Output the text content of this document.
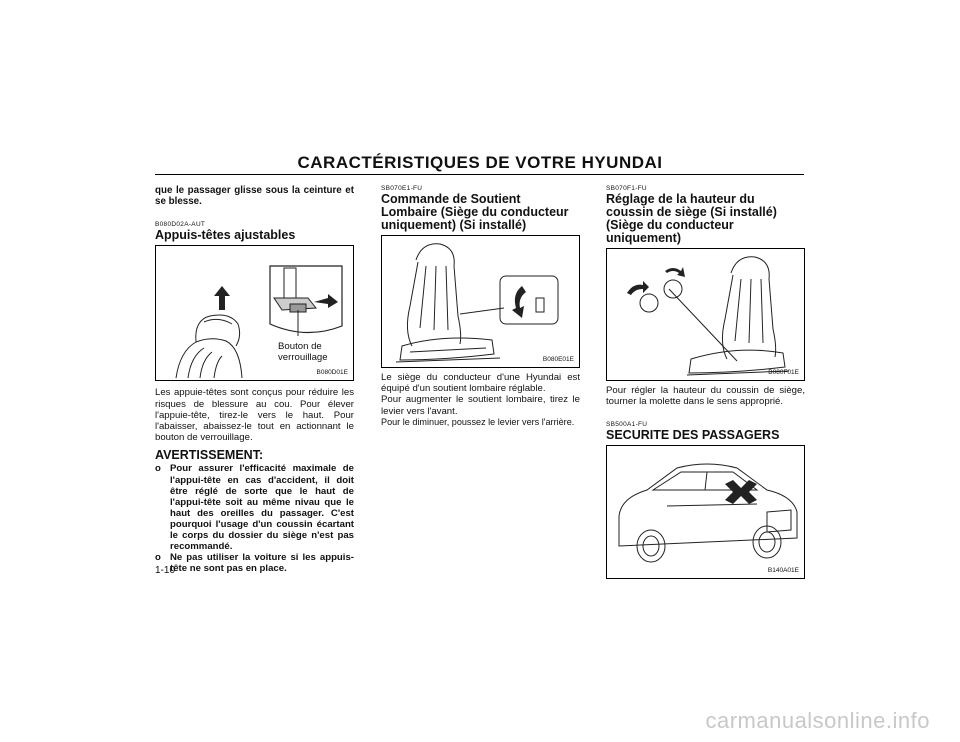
CARACTÉRISTIQUES DE VOTRE HYUNDAI

que le passager glisse sous la ceinture et se blesse.

B080D02A-AUT

Appuis-têtes ajustables

Bouton de verrouillage
B080D01E

Les appuie-têtes sont conçus pour réduire les risques de blessure au cou. Pour élever l'appuie-tête, tirez-le vers le haut. Pour l'abaisser, abaissez-le tout en actionnant le bouton de verrouillage.

AVERTISSEMENT:
o Pour assurer l'efficacité maximale de l'appui-tête en cas d'accident, il doit être réglé de sorte que le haut de l'appui-tête soit au même nivau que le haut des oreilles du passager. C'est pourquoi l'usage d'un coussin écartant le corps du dossier du siège n'est pas recommandé.
o Ne pas utiliser la voiture si les appuis-tête ne sont pas en place.
1-10
SB070E1-FU

Commande de Soutient Lombaire (Siège du conducteur uniquement) (Si installé)

B080E01E

Le siège du conducteur d'une Hyundai est équipé d'un soutient lombaire réglable.

Pour augmenter le soutient lombaire, tirez le levier vers l'avant.

Pour le diminuer, poussez le levier vers l'arrière.

SB070F1-FU

Réglage de la hauteur du coussin de siège (Si installé) (Siège du conducteur uniquement)

B080F01E

Pour régler la hauteur du coussin de siège, tourner la molette dans le sens approprié.

SB500A1-FU

SECURITE DES PASSAGERS

B140A01E
carmanualsonline.info
